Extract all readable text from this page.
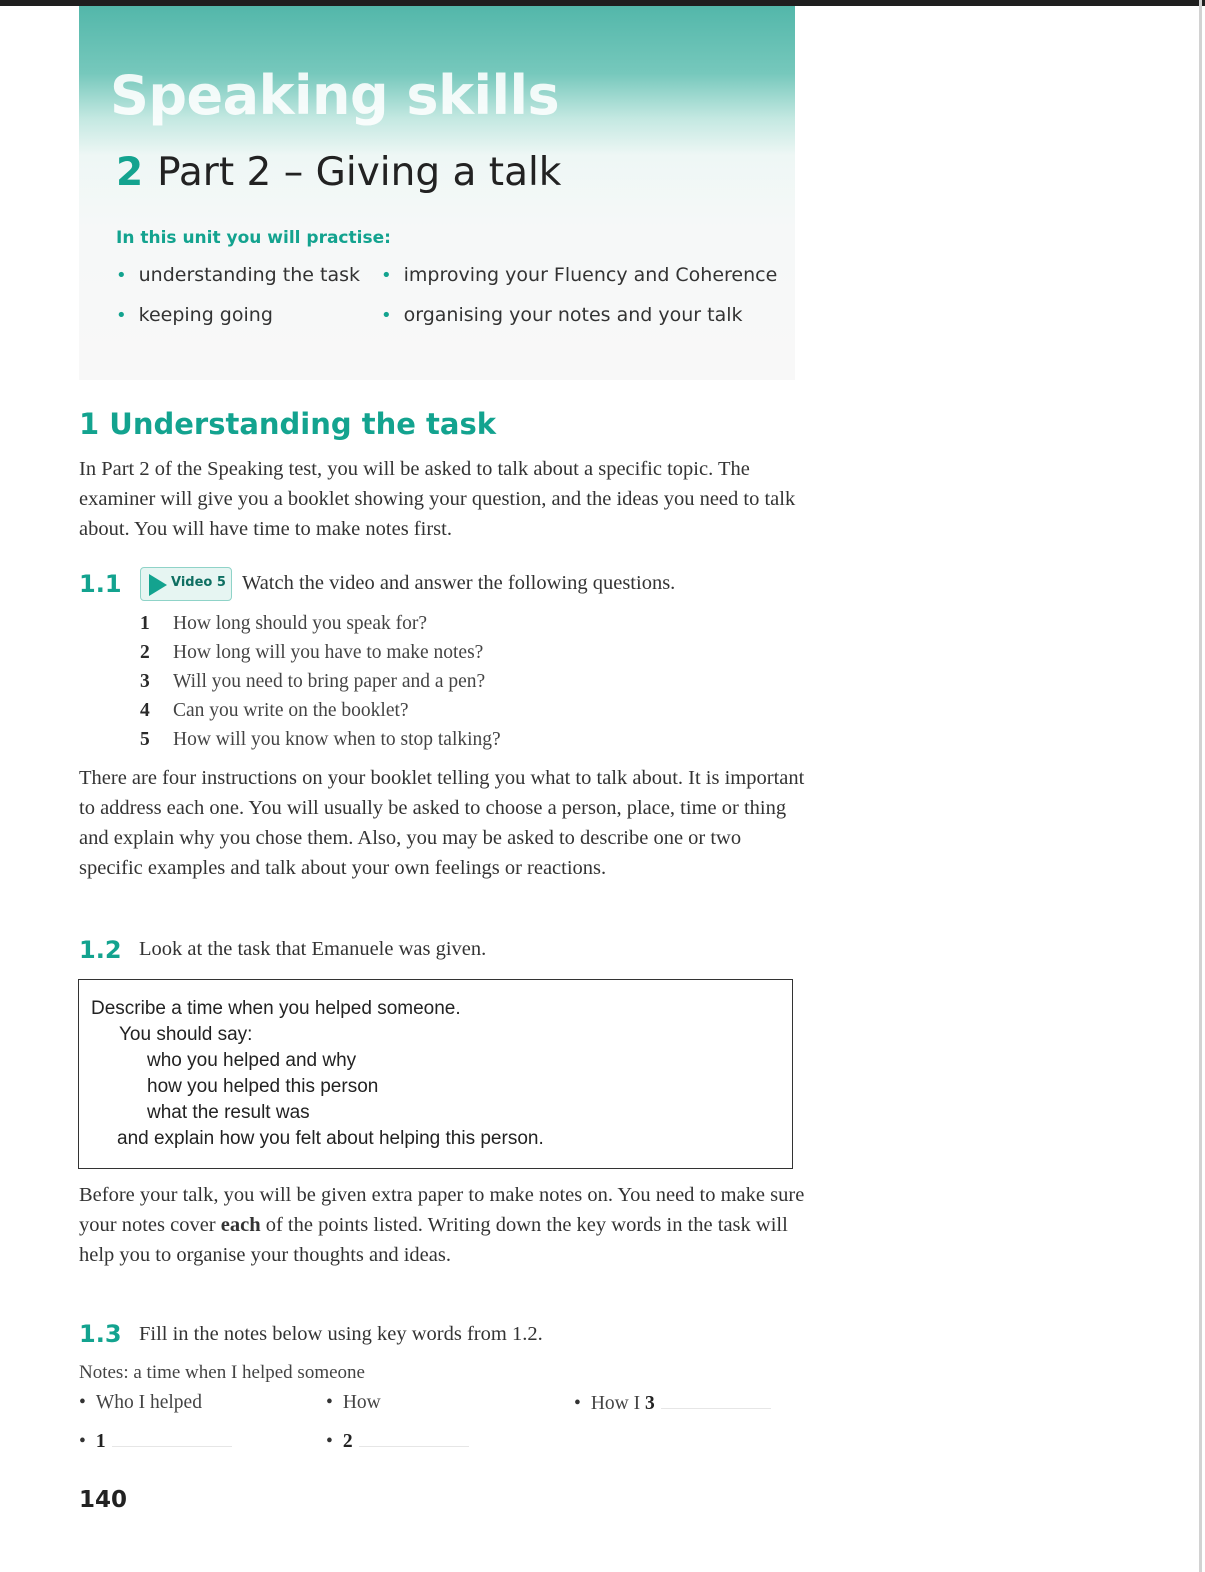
Speaking skills
2 Part 2 – Giving a talk
In this unit you will practise:
• understanding the task • improving your Fluency and Coherence
• keeping going	• organising your notes and your talk
1 Understanding the task

In Part 2 of the Speaking test, you will be asked to talk about a specific topic. The examiner will give you a booklet showing your question, and the ideas you need to talk about. You will have time to make notes first.

1.1	Video 5 Watch the video and answer the following questions.
1 How long should you speak for?
2 How long will you have to make notes?
3 Will you need to bring paper and a pen?
4 Can you write on the booklet?
5 How will you know when to stop talking?

There are four instructions on your booklet telling you what to talk about. It is important to address each one. You will usually be asked to choose a person, place, time or thing and explain why you chose them. Also, you may be asked to describe one or two specific examples and talk about your own feelings or reactions.

1.2 Look at the task that Emanuele was given.
Describe a time when you helped someone.
You should say:
who you helped and why
how you helped this person
what the result was
and explain how you felt about helping this person.

Before your talk, you will be given extra paper to make notes on. You need to make sure your notes cover each of the points listed. Writing down the key words in the task will help you to organise your thoughts and ideas.

1.3 Fill in the notes below using key words from 1.2.
Notes: a time when I helped someone
• Who I helped	• How	• How I 3
• 1	• 2
140
